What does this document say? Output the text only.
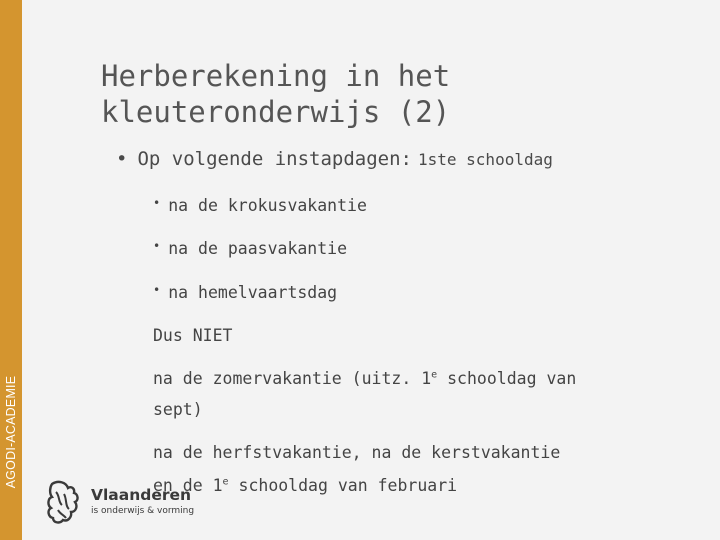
AGODI-ACADEMIE
Herberekening in het
kleuteronderwijs (2)
• Op volgende instapdagen: 1ste schooldag
• na de krokusvakantie
• na de paasvakantie
• na hemelvaartsdag
Dus NIET
na de zomervakantie (uitz. 1e schooldag van
sept)
na de herfstvakantie, na de kerstvakantie
Vlaanderen
is onderwijs & vorming
en de 1e schooldag van februari
